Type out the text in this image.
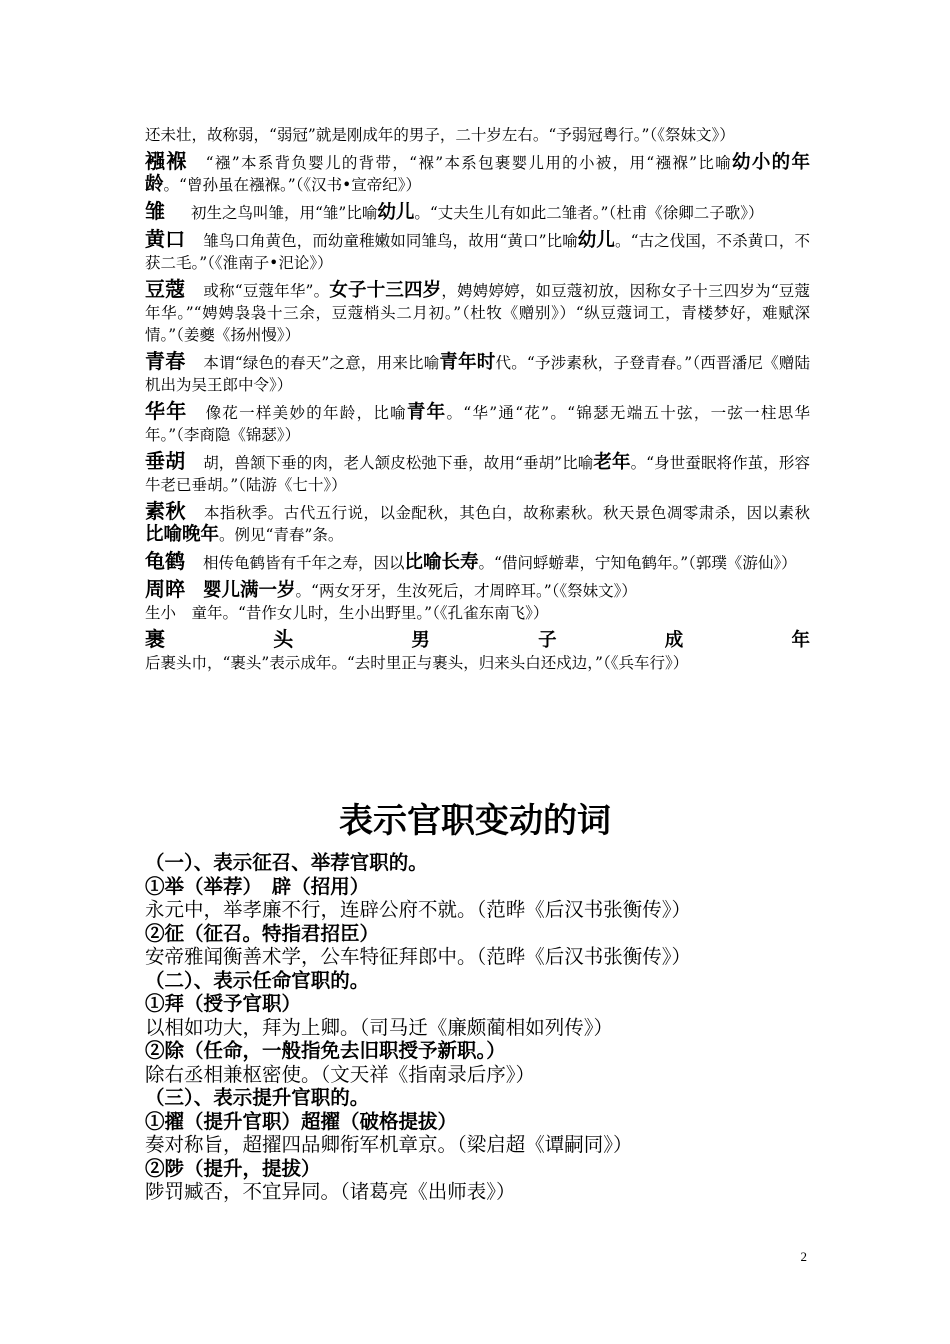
还未壮，故称弱，“弱冠”就是刚成年的男子，二十岁左右。“予弱冠粤行。”（《祭妹文》）

襁褓 “襁”本系背负婴儿的背带，“褓”本系包裹婴儿用的小被，用“襁褓”比喻幼小的年龄。“曾孙虽在襁褓。”（《汉书•宣帝纪》）

雏 初生之鸟叫雏，用“雏”比喻幼儿。“丈夫生儿有如此二雏者。”（杜甫《徐卿二子歌》）

黄口 雏鸟口角黄色，而幼童稚嫩如同雏鸟，故用“黄口”比喻幼儿。“古之伐国，不杀黄口，不获二毛。”（《淮南子•汜论》）

豆蔻 或称“豆蔻年华”。女子十三四岁，娉娉婷婷，如豆蔻初放，因称女子十三四岁为“豆蔻年华。”“娉娉袅袅十三余，豆蔻梢头二月初。”（杜牧《赠别》）“纵豆蔻词工，青楼梦好，难赋深情。”（姜夔《扬州慢》）

青春 本谓“绿色的春天”之意，用来比喻青年时代。“予涉素秋，子登青春。”（西晋潘尼《赠陆机出为吴王郎中令》）

华年 像花一样美妙的年龄，比喻青年。“华”通“花”。“锦瑟无端五十弦，一弦一柱思华年。”（李商隐《锦瑟》）

垂胡 胡，兽颔下垂的肉，老人颔皮松弛下垂，故用“垂胡”比喻老年。“身世蚕眠将作茧，形容牛老已垂胡。”（陆游《七十》）

素秋 本指秋季。古代五行说，以金配秋，其色白，故称素秋。秋天景色凋零肃杀，因以素秋比喻晚年。例见“青春”条。

龟鹤 相传龟鹤皆有千年之寿，因以比喻长寿。“借问蜉蝣辈，宁知龟鹤年。”（郭璞《游仙》）

周晬 婴儿满一岁。“两女牙牙，生汝死后，才周晬耳。”（《祭妹文》）

生小　童年。“昔作女儿时，生小出野里。”（《孔雀东南飞》）

裹头 男子成年后裹头巾，“裹头”表示成年。“去时里正与裹头，归来头白还戍边，”（《兵车行》）

表示官职变动的词
（一）、表示征召、举荐官职的。
①举（举荐）　辟（招用）
永元中，举孝廉不行，连辟公府不就。（范晔《后汉书张衡传》）
②征（征召。特指君招臣）
安帝雅闻衡善术学，公车特征拜郎中。（范晔《后汉书张衡传》）
（二）、表示任命官职的。
①拜（授予官职）
以相如功大，拜为上卿。（司马迁《廉颇蔺相如列传》）
②除（任命，一般指免去旧职授予新职。）
除右丞相兼枢密使。（文天祥《指南录后序》）
（三）、表示提升官职的。
①擢（提升官职）超擢（破格提拔）
奏对称旨，超擢四品卿衔军机章京。（梁启超《谭嗣同》）
②陟（提升，提拔）
陟罚臧否，不宜异同。（诸葛亮《出师表》）
2
